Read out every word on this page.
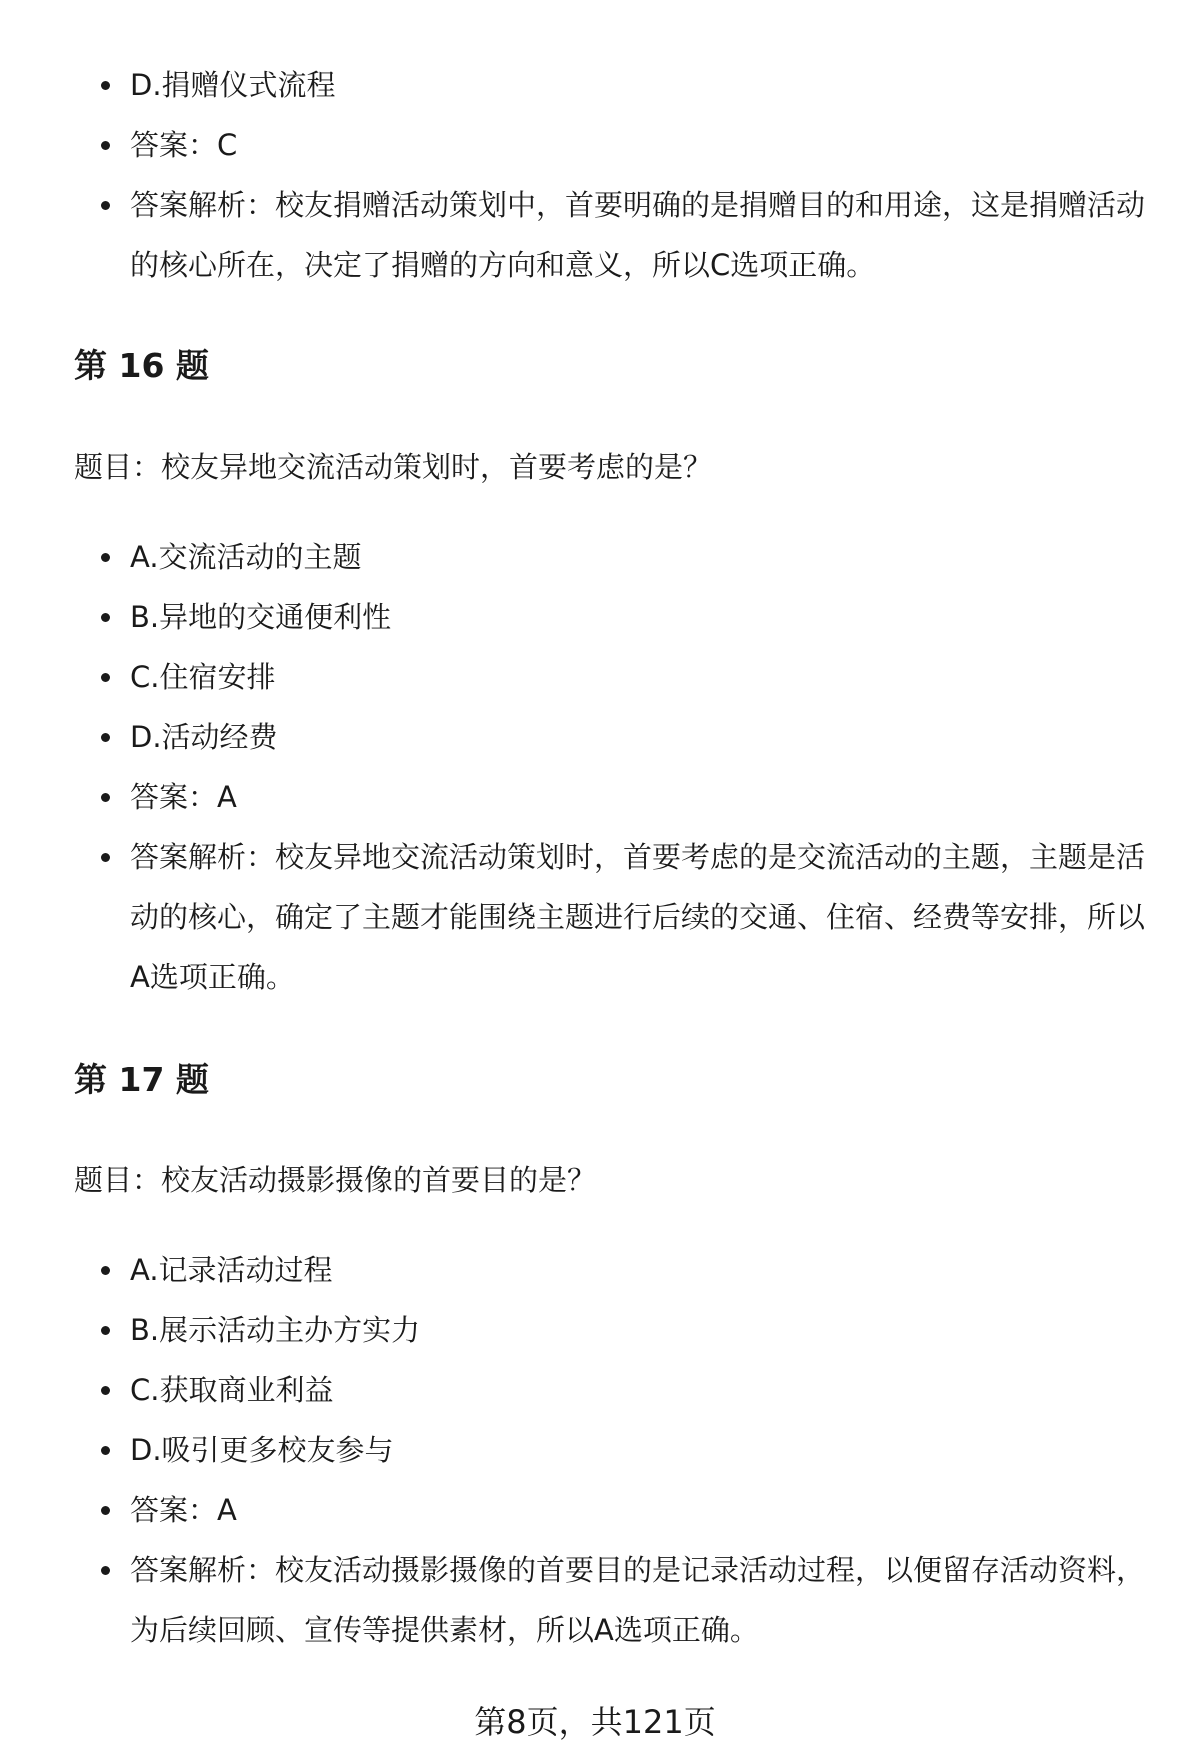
D.捐赠仪式流程
答案：C
答案解析：校友捐赠活动策划中，首要明确的是捐赠目的和用途，这是捐赠活动的核心所在，决定了捐赠的方向和意义，所以C选项正确。
第 16 题

题目：校友异地交流活动策划时，首要考虑的是？

A.交流活动的主题
B.异地的交通便利性
C.住宿安排
D.活动经费
答案：A
答案解析：校友异地交流活动策划时，首要考虑的是交流活动的主题，主题是活动的核心，确定了主题才能围绕主题进行后续的交通、住宿、经费等安排，所以A选项正确。
第 17 题

题目：校友活动摄影摄像的首要目的是？

A.记录活动过程
B.展示活动主办方实力
C.获取商业利益
D.吸引更多校友参与
答案：A
答案解析：校友活动摄影摄像的首要目的是记录活动过程，以便留存活动资料，为后续回顾、宣传等提供素材，所以A选项正确。
第8页，共121页
